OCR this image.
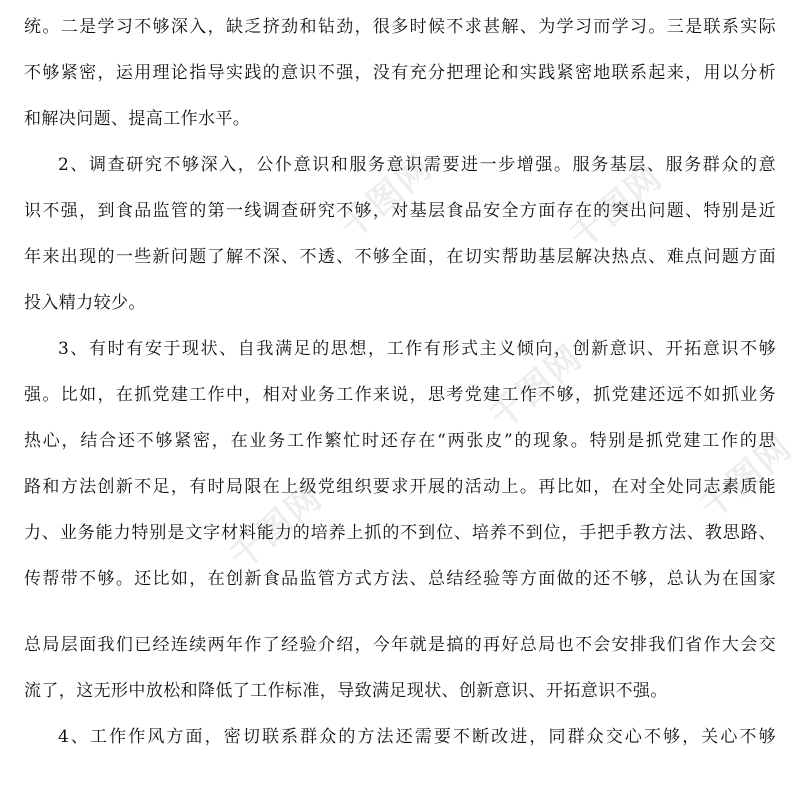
千图网	千图网
千图网	千图网
千图网
统。二是学习不够深入，缺乏挤劲和钻劲，很多时候不求甚解、为学习而学习。三是联系实际
不够紧密，运用理论指导实践的意识不强，没有充分把理论和实践紧密地联系起来，用以分析
和解决问题、提高工作水平。
2、调查研究不够深入，公仆意识和服务意识需要进一步增强。服务基层、服务群众的意
识不强，到食品监管的第一线调查研究不够，对基层食品安全方面存在的突出问题、特别是近
年来出现的一些新问题了解不深、不透、不够全面，在切实帮助基层解决热点、难点问题方面
投入精力较少。
3、有时有安于现状、自我满足的思想，工作有形式主义倾向，创新意识、开拓意识不够
强。比如，在抓党建工作中，相对业务工作来说，思考党建工作不够，抓党建还远不如抓业务
热心，结合还不够紧密，在业务工作繁忙时还存在“两张皮”的现象。特别是抓党建工作的思
路和方法创新不足，有时局限在上级党组织要求开展的活动上。再比如，在对全处同志素质能
力、业务能力特别是文字材料能力的培养上抓的不到位、培养不到位，手把手教方法、教思路、
传帮带不够。还比如，在创新食品监管方式方法、总结经验等方面做的还不够，总认为在国家
总局层面我们已经连续两年作了经验介绍，今年就是搞的再好总局也不会安排我们省作大会交
流了，这无形中放松和降低了工作标准，导致满足现状、创新意识、开拓意识不强。
4、工作作风方面，密切联系群众的方法还需要不断改进，同群众交心不够，关心不够
